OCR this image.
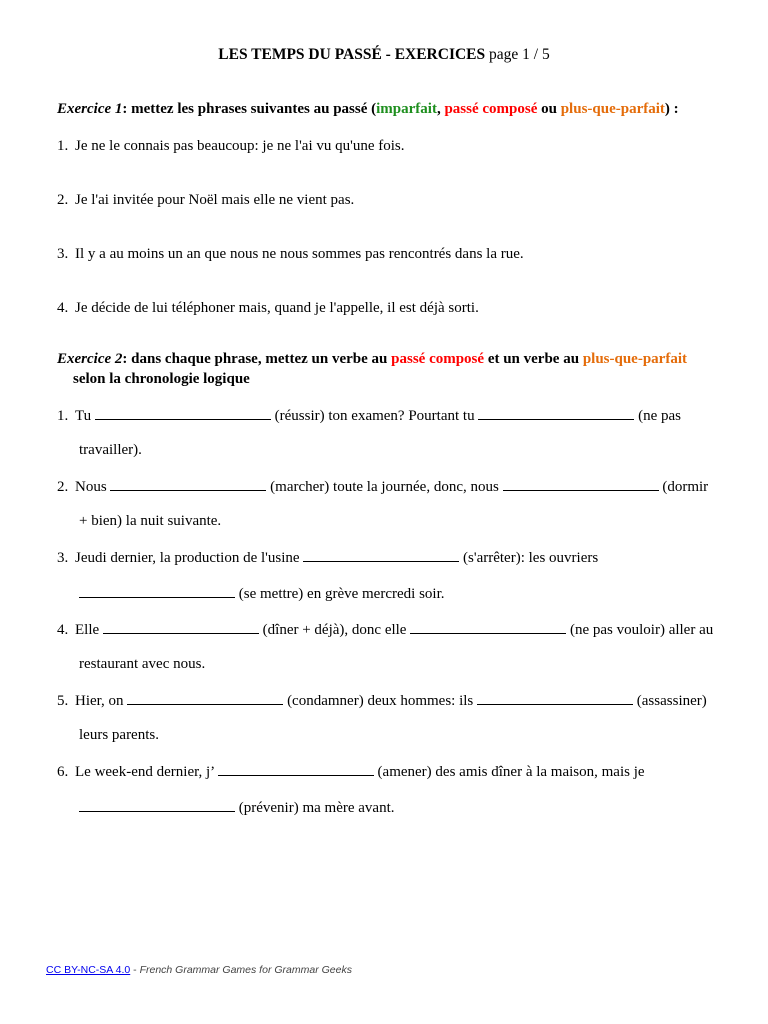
LES TEMPS DU PASSÉ - EXERCICES page 1 / 5
Exercice 1: mettez les phrases suivantes au passé (imparfait, passé composé ou plus-que-parfait) :
1. Je ne le connais pas beaucoup: je ne l'ai vu qu'une fois.
2. Je l'ai invitée pour Noël mais elle ne vient pas.
3. Il y a au moins un an que nous ne nous sommes pas rencontrés dans la rue.
4. Je décide de lui téléphoner mais, quand je l'appelle, il est déjà sorti.
Exercice 2: dans chaque phrase, mettez un verbe au passé composé et un verbe au plus-que-parfait
selon la chronologie logique
1. Tu	(réussir) ton examen? Pourtant tu	(ne pas
travailler).
2. Nous	(marcher) toute la journée, donc, nous	(dormir
+ bien) la nuit suivante.
3. Jeudi dernier, la production de l'usine	(s'arrêter): les ouvriers
(se mettre) en grève mercredi soir.
4. Elle	(dîner + déjà), donc elle	(ne pas vouloir) aller au
restaurant avec nous.
5. Hier, on	(condamner) deux hommes: ils	(assassiner)
leurs parents.
6. Le week-end dernier, j’	(amener) des amis dîner à la maison, mais je
(prévenir) ma mère avant.
CC BY-NC-SA 4.0 - French Grammar Games for Grammar Geeks
